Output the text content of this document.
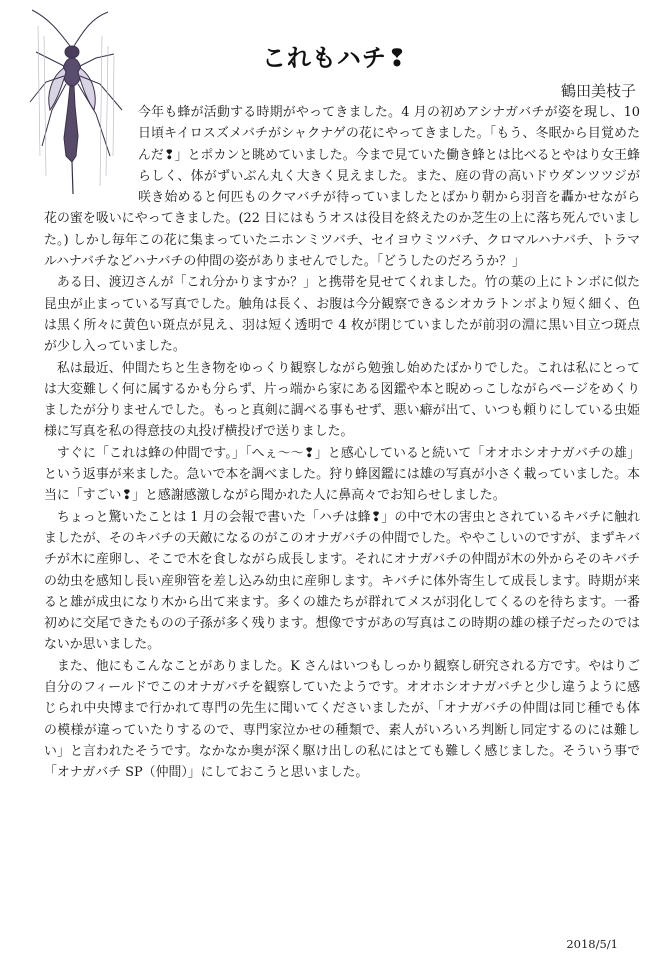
これもハチ❢
鶴田美枝子

今年も蜂が活動する時期がやってきました。4 月の初めアシナガバチが姿を現し、10 日頃キイロスズメバチがシャクナゲの花にやってきました。「もう、冬眠から目覚めたんだ❢」とポカンと眺めていました。今まで見ていた働き蜂とは比べるとやはり女王蜂らしく、体がずいぶん丸く大きく見えました。また、庭の背の高いドウダンツツジが咲き始めると何匹ものクマバチが待っていましたとばかり朝から羽音を轟かせながら花の蜜を吸いにやってきました。(22 日にはもうオスは役目を終えたのか芝生の上に落ち死んでいました。) しかし毎年この花に集まっていたニホンミツバチ、セイヨウミツバチ、クロマルハナバチ、トラマルハナバチなどハナバチの仲間の姿がありませんでした。「どうしたのだろうか？」

ある日、渡辺さんが「これ分かりますか？」と携帯を見せてくれました。竹の葉の上にトンボに似た昆虫が止まっている写真でした。触角は長く、お腹は今分観察できるシオカラトンボより短く細く、色は黒く所々に黄色い斑点が見え、羽は短く透明で 4 枚が閉じていましたが前羽の淵に黒い目立つ斑点が少し入っていました。

私は最近、仲間たちと生き物をゆっくり観察しながら勉強し始めたばかりでした。これは私にとっては大変難しく何に属するかも分らず、片っ端から家にある図鑑や本と睨めっこしながらページをめくりましたが分りませんでした。もっと真剣に調べる事もせず、悪い癖が出て、いつも頼りにしている虫姫様に写真を私の得意技の丸投げ横投げで送りました。

すぐに「これは蜂の仲間です。」「へぇ～～❢」と感心していると続いて「オオホシオナガバチの雄」という返事が来ました。急いで本を調べました。狩り蜂図鑑には雄の写真が小さく載っていました。本当に「すごい❢」と感謝感激しながら聞かれた人に鼻高々でお知らせしました。

ちょっと驚いたことは 1 月の会報で書いた「ハチは蜂❢」の中で木の害虫とされているキバチに触れましたが、そのキバチの天敵になるのがこのオナガバチの仲間でした。ややこしいのですが、まずキバチが木に産卵し、そこで木を食しながら成長します。それにオナガバチの仲間が木の外からそのキバチの幼虫を感知し長い産卵管を差し込み幼虫に産卵します。キバチに体外寄生して成長します。時期が来ると雄が成虫になり木から出て来ます。多くの雄たちが群れてメスが羽化してくるのを待ちます。一番初めに交尾できたものの子孫が多く残ります。想像ですがあの写真はこの時期の雄の様子だったのではないか思いました。

また、他にもこんなことがありました。K さんはいつもしっかり観察し研究される方です。やはりご自分のフィールドでこのオナガバチを観察していたようです。オオホシオナガバチと少し違うように感じられ中央博まで行かれて専門の先生に聞いてくださいましたが、「オナガバチの仲間は同じ種でも体の模様が違っていたりするので、専門家泣かせの種類で、素人がいろいろ判断し同定するのには難しい」と言われたそうです。なかなか奥が深く駆け出しの私にはとても難しく感じました。そういう事で「オナガバチ SP（仲間）」にしておこうと思いました。

2018/5/1
